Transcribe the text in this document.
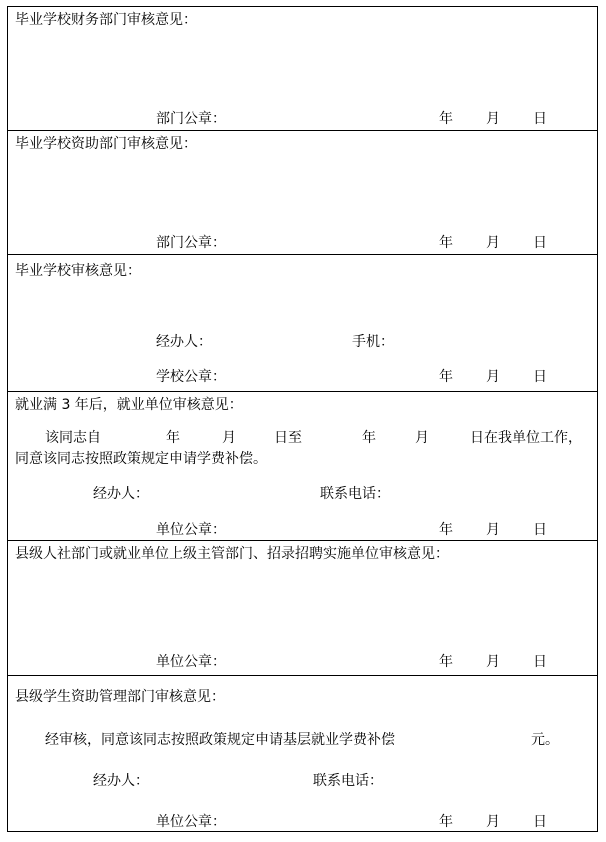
毕业学校财务部门审核意见：
部门公章：	年 月 日
毕业学校资助部门审核意见：
部门公章：	年 月 日
毕业学校审核意见：
经办人：	手机：
学校公章：	年 月 日
就业满 3 年后，就业单位审核意见：
该同志自	年	月	日至	年	月	日在我单位工作，
同意该同志按照政策规定申请学费补偿。
经办人：	联系电话：
单位公章：	年 月 日
县级人社部门或就业单位上级主管部门、招录招聘实施单位审核意见：
单位公章：	年 月 日
县级学生资助管理部门审核意见：
经审核，同意该同志按照政策规定申请基层就业学费补偿	元。
经办人：	联系电话：
单位公章：	年 月 日
